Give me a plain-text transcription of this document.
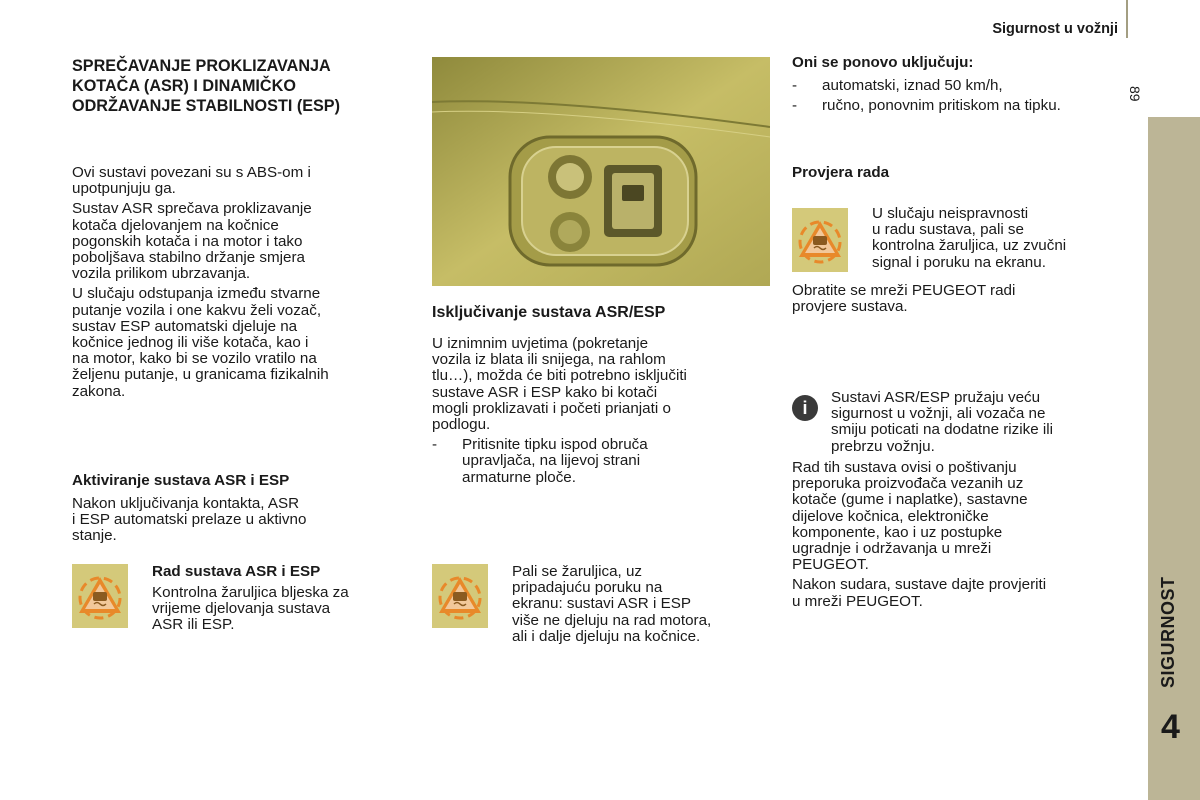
Sigurnost u vožnji
89
SIGURNOST
4
SPREČAVANJE PROKLIZAVANJA
KOTAČA (ASR) I DINAMIČKO
ODRŽAVANJE STABILNOSTI (ESP)
Ovi sustavi povezani su s ABS-om i
upotpunjuju ga.
Sustav ASR sprečava proklizavanje
kotača djelovanjem na kočnice
pogonskih kotača i na motor i tako
poboljšava stabilno držanje smjera
vozila prilikom ubrzavanja.
U slučaju odstupanja između stvarne
putanje vozila i one kakvu želi vozač,
sustav ESP automatski djeluje na
kočnice jednog ili više kotača, kao i
na motor, kako bi se vozilo vratilo na
željenu putanje, u granicama fizikalnih
zakona.
Aktiviranje sustava ASR i ESP
Nakon uključivanja kontakta, ASR
i ESP automatski prelaze u aktivno
stanje.
Rad sustava ASR i ESP
Kontrolna žaruljica bljeska za
vrijeme djelovanja sustava
ASR ili ESP.
Isključivanje sustava ASR/ESP
U iznimnim uvjetima (pokretanje
vozila iz blata ili snijega, na rahlom
tlu…), možda će biti potrebno isključiti
sustave ASR i ESP kako bi kotači
mogli proklizavati i početi prianjati o
podlogu.
-	Pritisnite tipku ispod obruča
upravljača, na lijevoj strani
armaturne ploče.
Pali se žaruljica, uz
pripadajuću poruku na
ekranu: sustavi ASR i ESP
više ne djeluju na rad motora,
ali i dalje djeluju na kočnice.
Oni se ponovo uključuju:
-	automatski, iznad 50 km/h,
-	ručno, ponovnim pritiskom na tipku.
Provjera rada
U slučaju neispravnosti
u radu sustava, pali se
kontrolna žaruljica, uz zvučni
signal i poruku na ekranu.
Obratite se mreži PEUGEOT radi
provjere sustava.
i	Sustavi ASR/ESP pružaju veću
sigurnost u vožnji, ali vozača ne
smiju poticati na dodatne rizike ili
prebrzu vožnju.
Rad tih sustava ovisi o poštivanju
preporuka proizvođača vezanih uz
kotače (gume i naplatke), sastavne
dijelove kočnica, elektroničke
komponente, kao i uz postupke
ugradnje i održavanja u mreži
PEUGEOT.
Nakon sudara, sustave dajte provjeriti
u mreži PEUGEOT.
